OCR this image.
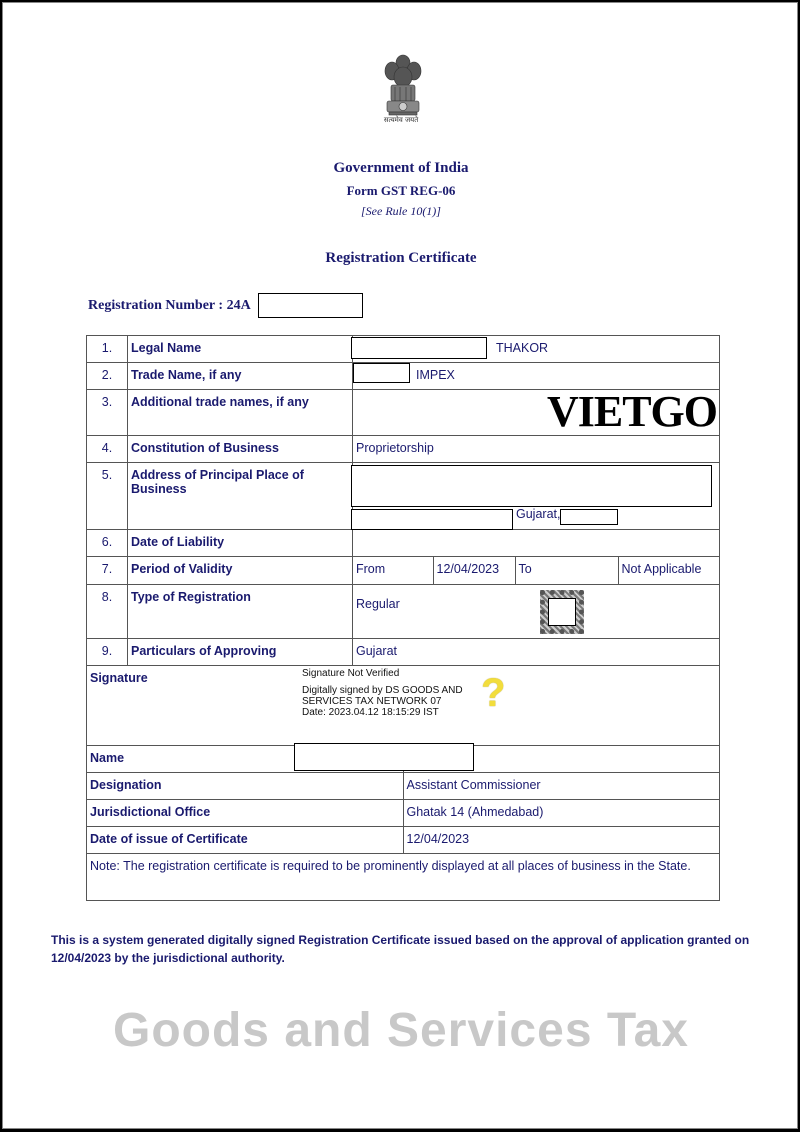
सत्यमेव जयते
Government of India
Form GST REG-06
[See Rule 10(1)]
Registration Certificate
Registration Number : 24A
1.	Legal Name	THAKOR
2.	Trade Name, if any	IMPEX
3.	Additional trade names, if any	VIETGO

4.	Constitution of Business	Proprietorship
5.	Address of Principal Place of Business	
Gujarat,

6.	Date of Liability	
7.	Period of Validity		From	12/04/2023	To	Not Applicable

8.	Type of Registration	Regular
9.	Particulars of Approving	Gujarat
Signature	
Name	
Designation	Assistant Commissioner
Jurisdictional Office	Ghatak 14 (Ahmedabad)
Date of issue of Certificate	12/04/2023
Note: The registration certificate is required to be prominently displayed at all places of business in the State.	
Signature Not Verified
Digitally signed by DS GOODS AND
SERVICES TAX NETWORK 07
Date: 2023.04.12 18:15:29 IST	?
This is a system generated digitally signed Registration Certificate issued based on the approval of application granted on 12/04/2023 by the jurisdictional authority.
Goods and Services Tax
